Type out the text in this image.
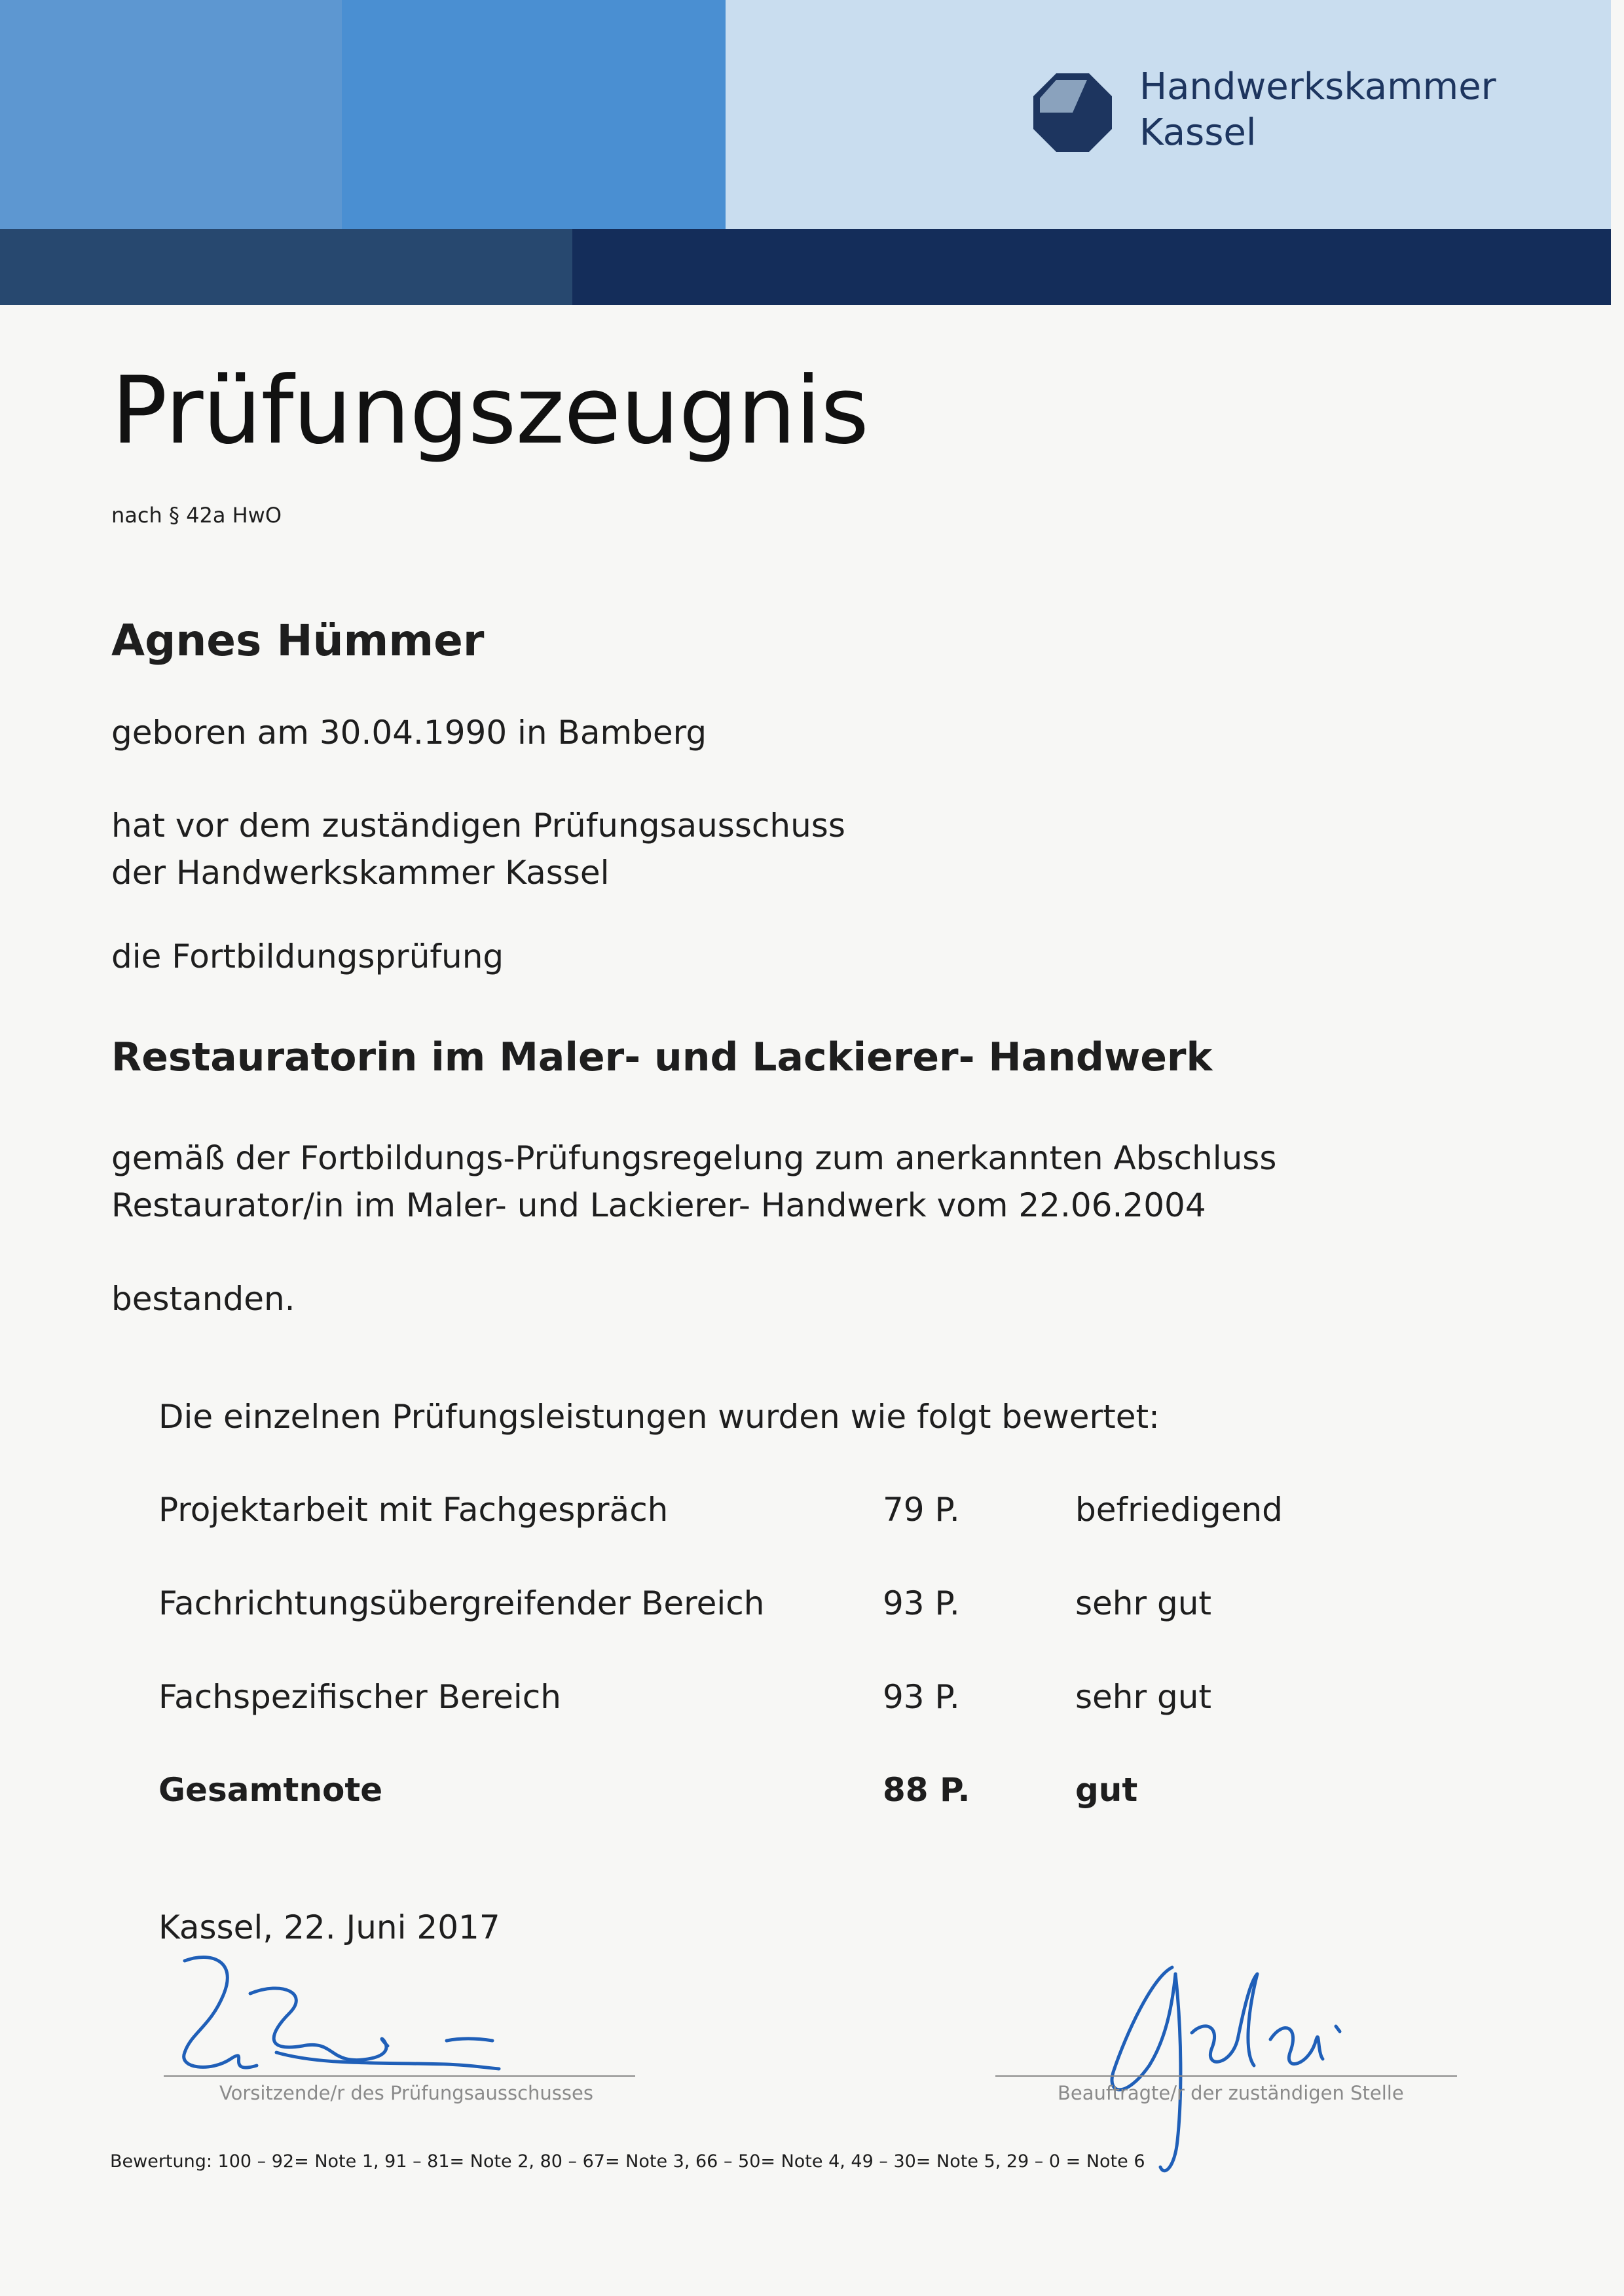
Handwerkskammer
Kassel
Prüfungszeugnis
nach § 42a HwO
Agnes Hümmer
geboren am 30.04.1990 in Bamberg
hat vor dem zuständigen Prüfungsausschuss
der Handwerkskammer Kassel
die Fortbildungsprüfung
Restauratorin im Maler- und Lackierer- Handwerk
gemäß der Fortbildungs-Prüfungsregelung zum anerkannten Abschluss
Restaurator/in im Maler- und Lackierer- Handwerk vom 22.06.2004
bestanden.
Die einzelnen Prüfungsleistungen wurden wie folgt bewertet:
Projektarbeit mit Fachgespräch	79 P.	befriedigend
Fachrichtungsübergreifender Bereich	93 P.	sehr gut
Fachspezifischer Bereich	93 P.	sehr gut
Gesamtnote	88 P.	gut
Kassel, 22. Juni 2017
Vorsitzende/r des Prüfungsausschusses	Beauftragte/r der zuständigen Stelle
Bewertung: 100 – 92= Note 1, 91 – 81= Note 2, 80 – 67= Note 3, 66 – 50= Note 4, 49 – 30= Note 5, 29 – 0 = Note 6
